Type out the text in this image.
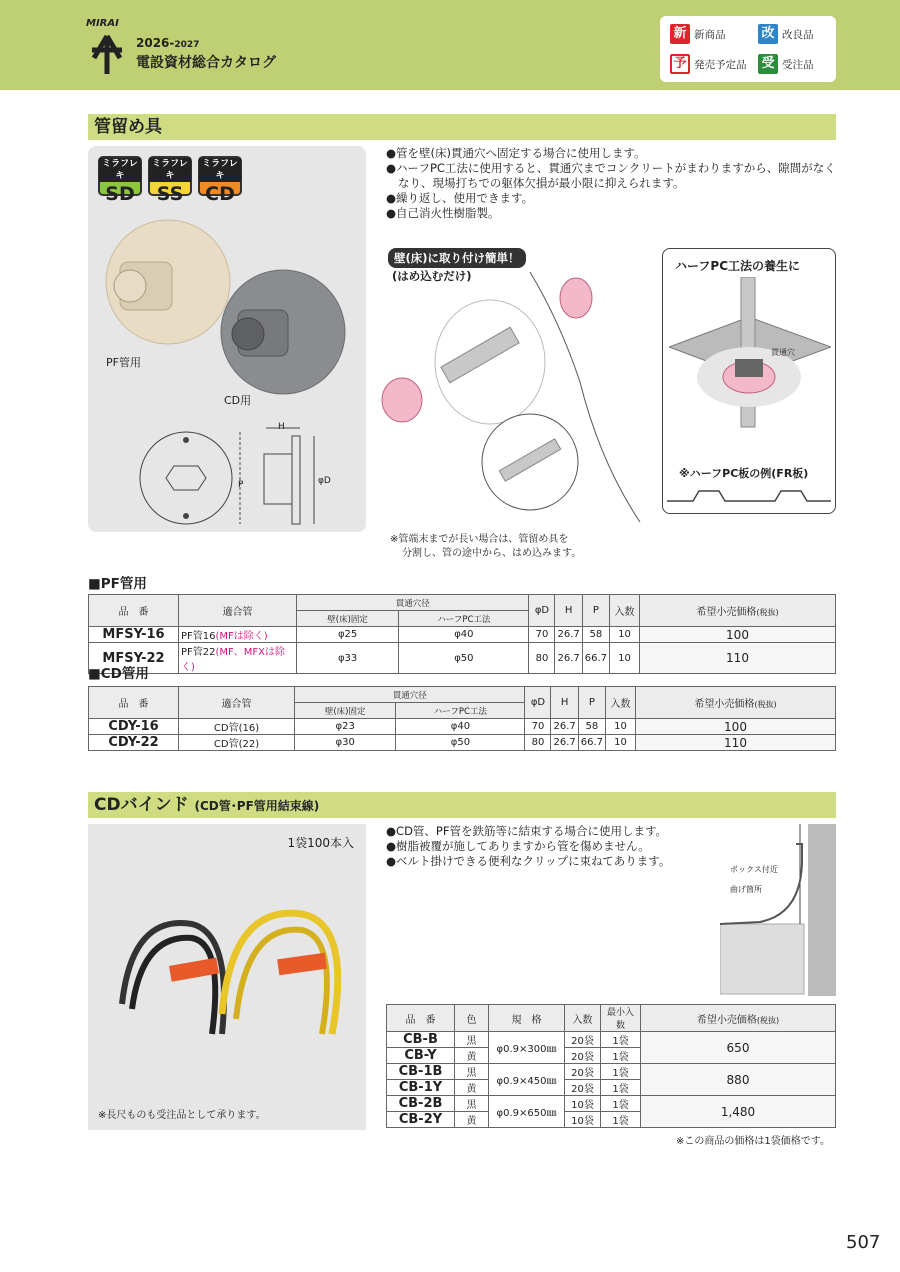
MIRAI
2026-2027
電設資材総合カタログ
新 新商品	改 改良品
予 発売予定品 受 受注品
管留め具
ミラフレキ
SD
ミラフレキ
SS
ミラフレキ
CD
PF管用
CD用
H
P	φD
●管を壁(床)貫通穴へ固定する場合に使用します。
●ハーフPC工法に使用すると、貫通穴までコンクリートがまわりますから、隙間がなくなり、現場打ちでの躯体欠損が最小限に抑えられます。
●繰り返し、使用できます。
●自己消火性樹脂製。
壁(床)に取り付け簡単！
(はめ込むだけ)
※管端末までが長い場合は、管留め具を
分割し、管の途中から、はめ込みます。
ハーフPC工法の養生に
貫通穴
※ハーフPC板の例(FR板)
■PF管用
品　番	適合管	貫通穴径		φD	H	P	入数	希望小売価格(税抜)
		壁(床)固定	ハーフPC工法					
MFSY-16	PF管16(MFは除く)	φ25	φ40	70	26.7	58	10	100
MFSY-22	PF管22(MF、MFXは除く)	φ33	φ50	80	26.7	66.7	10	110
■CD管用
品　番	適合管	貫通穴径		φD	H	P	入数	希望小売価格(税抜)
		壁(床)固定	ハーフPC工法					
CDY-16	CD管(16)	φ23	φ40	70	26.7	58	10	100
CDY-22	CD管(22)	φ30	φ50	80	26.7	66.7	10	110
CDバインド (CD管･PF管用結束線)
1袋100本入
※長尺ものも受注品として承ります。
●CD管、PF管を鉄筋等に結束する場合に使用します。
●樹脂被覆が施してありますから管を傷めません。
●ベルト掛けできる便利なクリップに束ねてあります。
ボックス付近
曲げ箇所
品　番	色	規　格	入数	最小入数	希望小売価格(税抜)
CB-B	黒	φ0.9×300㎜	20袋	1袋	650
CB-Y	黄		20袋	1袋	
CB-1B	黒	φ0.9×450㎜	20袋	1袋	880
CB-1Y	黄		20袋	1袋	
CB-2B	黒	φ0.9×650㎜	10袋	1袋	1,480
CB-2Y	黄		10袋	1袋	
※この商品の価格は1袋価格です。
507
